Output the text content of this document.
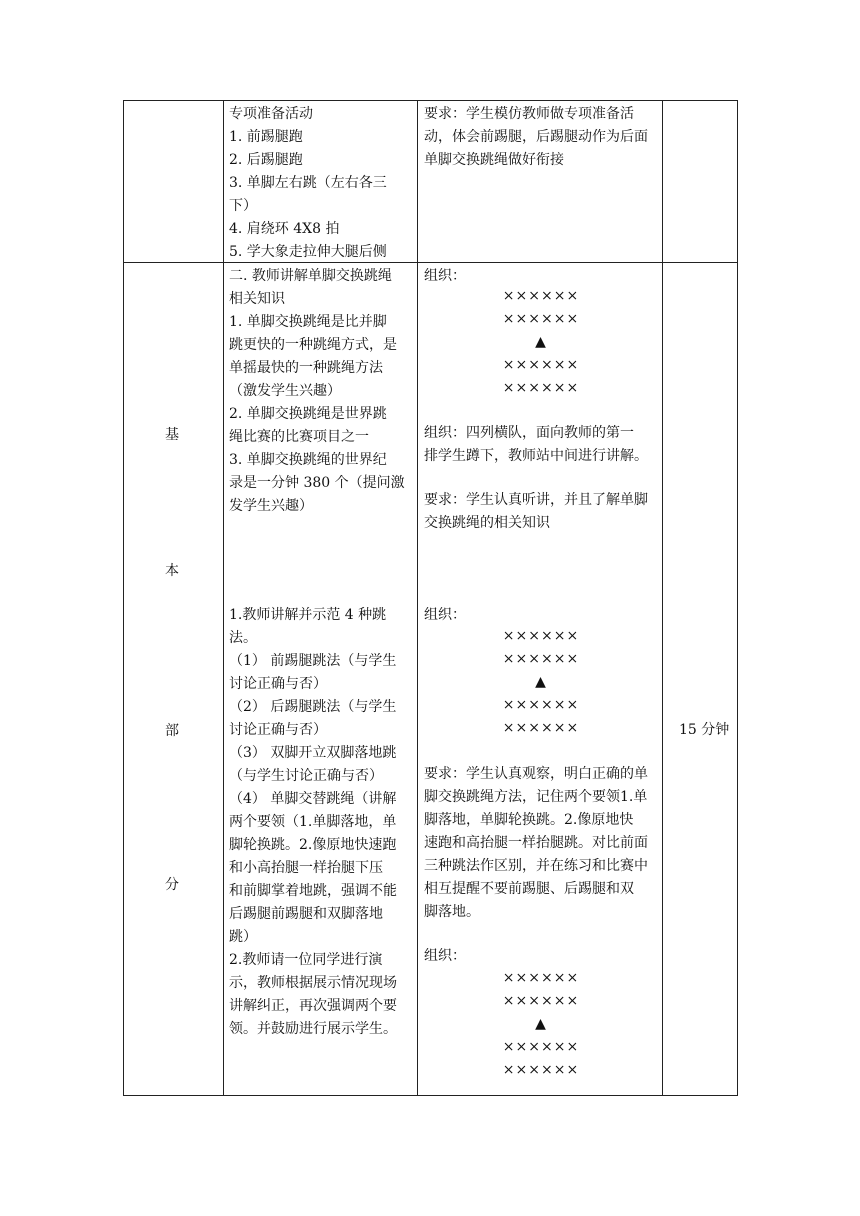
专项准备活动

1. 前踢腿跑

2. 后踢腿跑

3. 单脚左右跳（左右各三

下）

4. 肩绕环 4X8 拍

5. 学大象走拉伸大腿后侧

要求：学生模仿教师做专项准备活

动，体会前踢腿，后踢腿动作为后面

单脚交换跳绳做好衔接

基
本
部
分
15 分钟

二. 教师讲解单脚交换跳绳

相关知识

1. 单脚交换跳绳是比并脚

跳更快的一种跳绳方式，是

单摇最快的一种跳绳方法

（激发学生兴趣）

2. 单脚交换跳绳是世界跳

绳比赛的比赛项目之一

3. 单脚交换跳绳的世界纪

录是一分钟 380 个（提问激

发学生兴趣）

1.教师讲解并示范 4 种跳

法。

（1） 前踢腿跳法（与学生

讨论正确与否）

（2） 后踢腿跳法（与学生

讨论正确与否）

（3） 双脚开立双脚落地跳

（与学生讨论正确与否）

（4） 单脚交替跳绳（讲解

两个要领（1.单脚落地，单

脚轮换跳。2.像原地快速跑

和小高抬腿一样抬腿下压

和前脚掌着地跳，强调不能

后踢腿前踢腿和双脚落地

跳）

2.教师请一位同学进行演

示，教师根据展示情况现场

讲解纠正，再次强调两个要

领。并鼓励进行展示学生。

组织：

××××××

××××××

▲

××××××

××××××

组织：四列横队，面向教师的第一

排学生蹲下，教师站中间进行讲解。

要求：学生认真听讲，并且了解单脚

交换跳绳的相关知识

组织：

××××××

××××××

▲

××××××

××××××

要求：学生认真观察，明白正确的单

脚交换跳绳方法，记住两个要领1.单

脚落地，单脚轮换跳。2.像原地快

速跑和高抬腿一样抬腿跳。对比前面

三种跳法作区别，并在练习和比赛中

相互提醒不要前踢腿、后踢腿和双

脚落地。

组织：

××××××

××××××

▲

××××××

××××××
